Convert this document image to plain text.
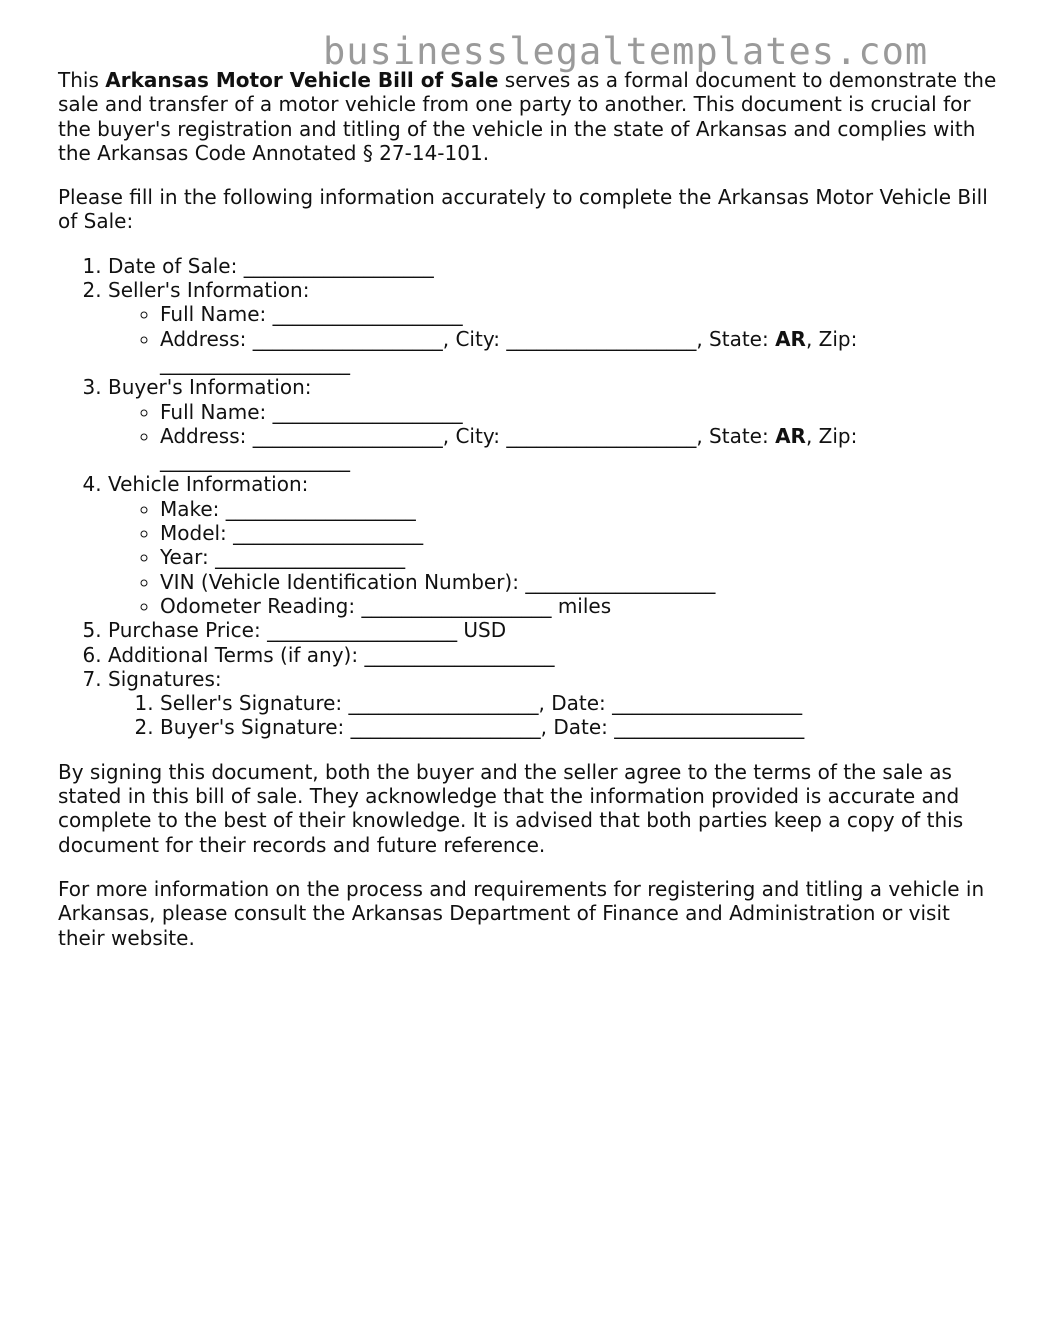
businesslegaltemplates.com

This Arkansas Motor Vehicle Bill of Sale serves as a formal document to demonstrate the sale and transfer of a motor vehicle from one party to another. This document is crucial for the buyer's registration and titling of the vehicle in the state of Arkansas and complies with the Arkansas Code Annotated § 27-14-101.

Please fill in the following information accurately to complete the Arkansas Motor Vehicle Bill of Sale:

1. Date of Sale: ___________________
2. Seller's Information:
◦ Full Name: ___________________
◦ Address: ___________________, City: ___________________, State: AR, Zip:
___________________
3. Buyer's Information:
◦ Full Name: ___________________
◦ Address: ___________________, City: ___________________, State: AR, Zip:
___________________
4. Vehicle Information:
◦ Make: ___________________
◦ Model: ___________________
◦ Year: ___________________
◦ VIN (Vehicle Identification Number): ___________________
◦ Odometer Reading: ___________________ miles
5. Purchase Price: ___________________ USD
6. Additional Terms (if any): ___________________
7. Signatures:
1. Seller's Signature: ___________________, Date: ___________________
2. Buyer's Signature: ___________________, Date: ___________________

By signing this document, both the buyer and the seller agree to the terms of the sale as stated in this bill of sale. They acknowledge that the information provided is accurate and complete to the best of their knowledge. It is advised that both parties keep a copy of this document for their records and future reference.

For more information on the process and requirements for registering and titling a vehicle in Arkansas, please consult the Arkansas Department of Finance and Administration or visit their website.
